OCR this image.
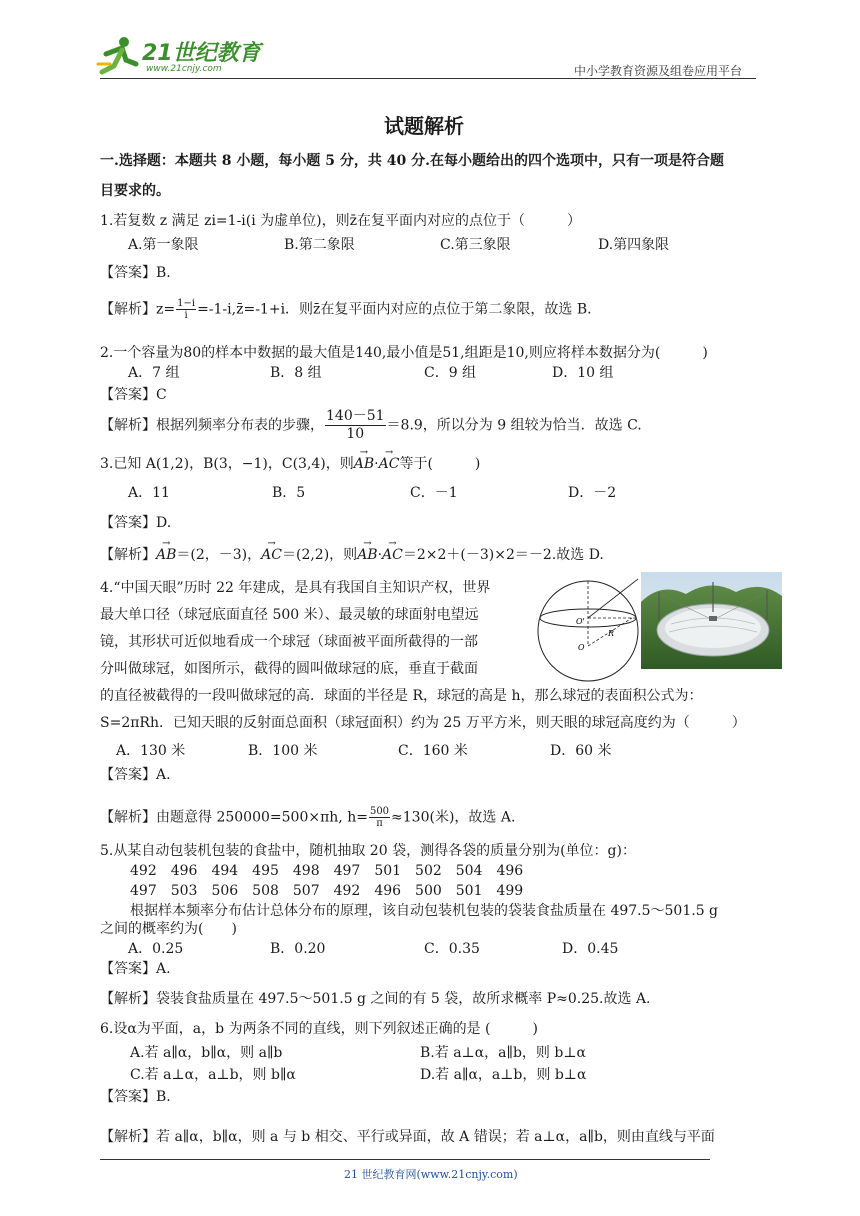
21世纪教育
www.21cnjy.com	中小学教育资源及组卷应用平台
试题解析
一.选择题：本题共 8 小题，每小题 5 分，共 40 分.在每小题给出的四个选项中，只有一项是符合题
目要求的。
1.若复数 z 满足 zi=1-i(i 为虚单位)，则z̄在复平面内对应的点位于（　　　）
A.第一象限	B.第二象限	C.第三象限	D.第四象限
【答案】B.
【解析】$z= \frac{1-i}{i}$ =-1-i,z̄=-1+i．则z̄在复平面内对应的点位于第二象限，故选 B.
2.一个容量为80的样本中数据的最大值是140,最小值是51,组距是10,则应将样本数据分为(　　　)
A．7 组	B．8 组	C．9 组	D．10 组
【答案】C
【解析】根据列频率分布表的步骤， $\frac{140-51}{10} =8.9$，所以分为 9 组较为恰当．故选 C.
3.已知 A(1,2)，B(3，−1)，C(3,4)，则→ AB·→ AC等于(　　　)
A．11	B．5	C．－1	D．－2
【答案】D.
【解析】→ AB＝(2，－3)，→ AC＝(2,2)，则→ AB·→ AC＝2×2＋(－3)×2＝－2.故选 D.
4.“中国天眼”历时 22 年建成，是具有我国自主知识产权，世界
最大单口径（球冠底面直径 500 米）、最灵敏的球面射电望远
镜，其形状可近似地看成一个球冠（球面被平面所截得的一部
分叫做球冠，如图所示，截得的圆叫做球冠的底，垂直于截面
的直径被截得的一段叫做球冠的高．球面的半径是 R，球冠的高是 h，那么球冠的表面积公式为：
S=2πRh．已知天眼的反射面总面积（球冠面积）约为 25 万平方米，则天眼的球冠高度约为（　　　）
O'
R
O
A．130 米	B．100 米	C．160 米	D．60 米
【答案】A.
【解析】由题意得 250000=500×πh, $h= \frac{500}{\pi} \approx 130$(米)，故选 A.
5.从某自动包装机包装的食盐中，随机抽取 20 袋，测得各袋的质量分别为(单位：g)：
492　496　494　495　498　497　501　502　504　496
497　503　506　508　507　492　496　500　501　499
根据样本频率分布估计总体分布的原理，该自动包装机包装的袋装食盐质量在 497.5～501.5 g
之间的概率约为(　　)
A．0.25	B．0.20	C．0.35	D．0.45
【答案】A.
【解析】袋装食盐质量在 497.5～501.5 g 之间的有 5 袋，故所求概率 P≈0.25.故选 A.
6.设α为平面，a，b 为两条不同的直线，则下列叙述正确的是 (　　　)
A.若 a∥α，b∥α，则 a∥b	B.若 a⊥α，a∥b，则 b⊥α
C.若 a⊥α，a⊥b，则 b∥α	D.若 a∥α，a⊥b，则 b⊥α
【答案】B.
【解析】若 a∥α，b∥α，则 a 与 b 相交、平行或异面，故 A 错误；若 a⊥α，a∥b，则由直线与平面
21 世纪教育网(www.21cnjy.com)
